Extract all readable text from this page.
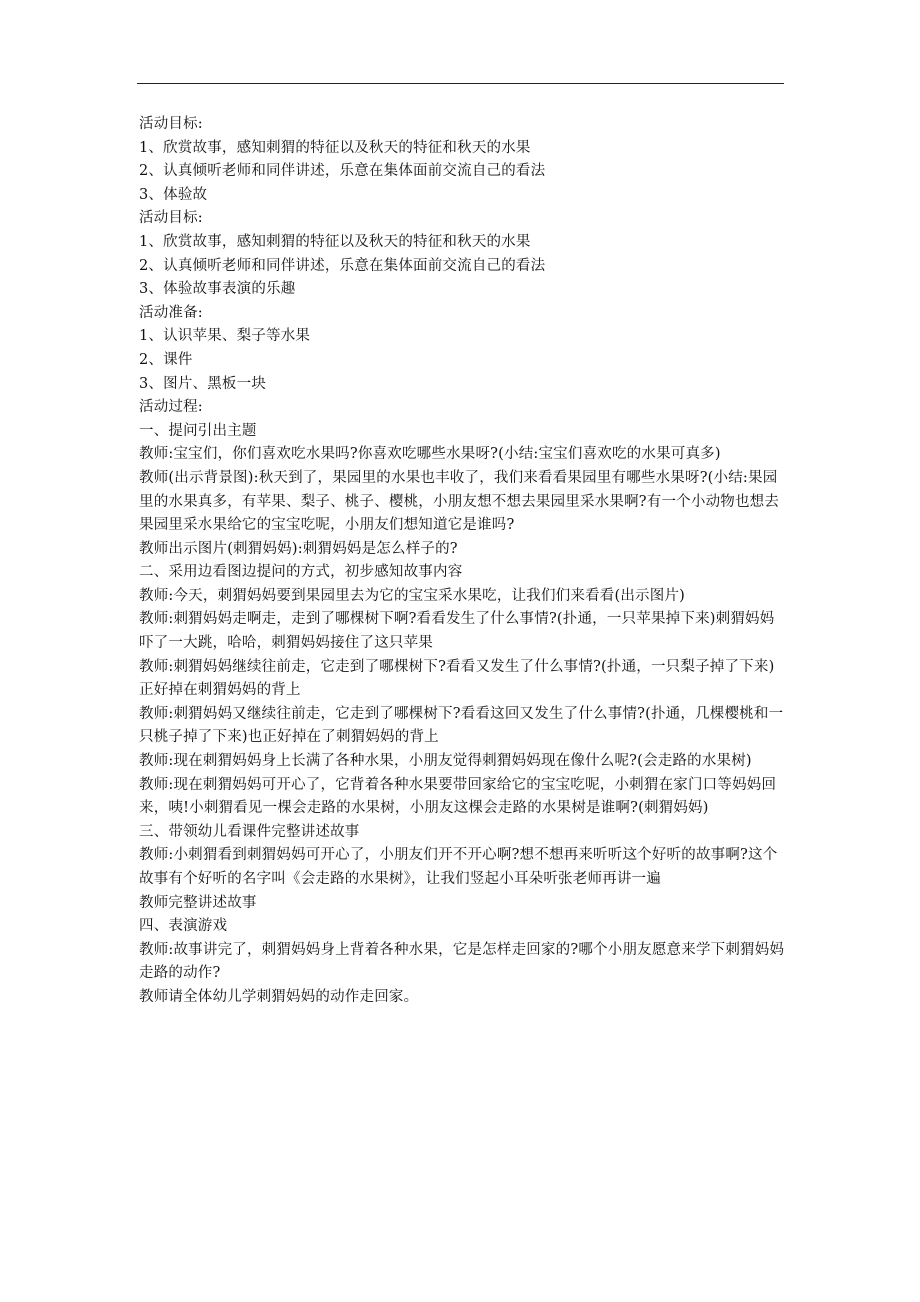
活动目标:

1、欣赏故事，感知刺猬的特征以及秋天的特征和秋天的水果

2、认真倾听老师和同伴讲述，乐意在集体面前交流自己的看法

3、体验故

活动目标:

1、欣赏故事，感知刺猬的特征以及秋天的特征和秋天的水果

2、认真倾听老师和同伴讲述，乐意在集体面前交流自己的看法

3、体验故事表演的乐趣

活动准备:

1、认识苹果、梨子等水果

2、课件

3、图片、黑板一块

活动过程:

一、提问引出主题

教师:宝宝们，你们喜欢吃水果吗?你喜欢吃哪些水果呀?(小结:宝宝们喜欢吃的水果可真多)

教师(出示背景图):秋天到了，果园里的水果也丰收了，我们来看看果园里有哪些水果呀?(小结:果园里的水果真多，有苹果、梨子、桃子、樱桃，小朋友想不想去果园里采水果啊?有一个小动物也想去果园里采水果给它的宝宝吃呢，小朋友们想知道它是谁吗?

教师出示图片(刺猬妈妈):刺猬妈妈是怎么样子的?

二、采用边看图边提问的方式，初步感知故事内容

教师:今天，刺猬妈妈要到果园里去为它的宝宝采水果吃，让我们们来看看(出示图片)

教师:刺猬妈妈走啊走，走到了哪棵树下啊?看看发生了什么事情?(扑通，一只苹果掉下来)刺猬妈妈吓了一大跳，哈哈，刺猬妈妈接住了这只苹果

教师:刺猬妈妈继续往前走，它走到了哪棵树下?看看又发生了什么事情?(扑通，一只梨子掉了下来)正好掉在刺猬妈妈的背上

教师:刺猬妈妈又继续往前走，它走到了哪棵树下?看看这回又发生了什么事情?(扑通，几棵樱桃和一只桃子掉了下来)也正好掉在了刺猬妈妈的背上

教师:现在刺猬妈妈身上长满了各种水果，小朋友觉得刺猬妈妈现在像什么呢?(会走路的水果树)

教师:现在刺猬妈妈可开心了，它背着各种水果要带回家给它的宝宝吃呢，小刺猬在家门口等妈妈回来，咦!小刺猬看见一棵会走路的水果树，小朋友这棵会走路的水果树是谁啊?(刺猬妈妈)

三、带领幼儿看课件完整讲述故事

教师:小刺猬看到刺猬妈妈可开心了，小朋友们开不开心啊?想不想再来听听这个好听的故事啊?这个故事有个好听的名字叫《会走路的水果树》，让我们竖起小耳朵听张老师再讲一遍

教师完整讲述故事

四、表演游戏

教师:故事讲完了，刺猬妈妈身上背着各种水果，它是怎样走回家的?哪个小朋友愿意来学下刺猬妈妈走路的动作?

教师请全体幼儿学刺猬妈妈的动作走回家。
